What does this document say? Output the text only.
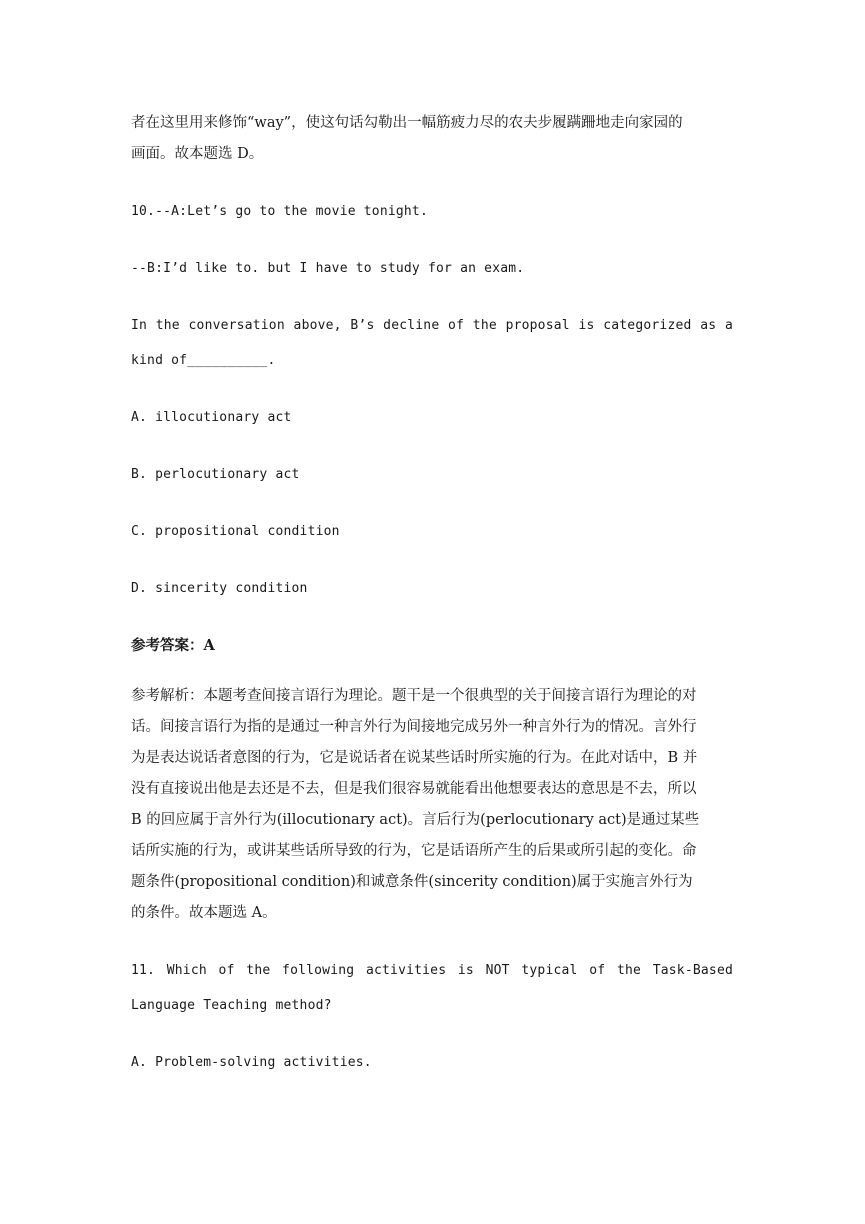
者在这里用来修饰“way”，使这句话勾勒出一幅筋疲力尽的农夫步履蹒跚地走向家园的

画面。故本题选 D。

10.--A:Let’s go to the movie tonight.

--B:I’d like to. but I have to study for an exam.

In the conversation above, B’s decline of the proposal is categorized as a

kind of__________.

A. illocutionary act

B. perlocutionary act

C. propositional condition

D. sincerity condition

参考答案：A

参考解析：本题考查间接言语行为理论。题干是一个很典型的关于间接言语行为理论的对

话。间接言语行为指的是通过一种言外行为间接地完成另外一种言外行为的情况。言外行

为是表达说话者意图的行为，它是说话者在说某些话时所实施的行为。在此对话中，B 并

没有直接说出他是去还是不去，但是我们很容易就能看出他想要表达的意思是不去，所以

B 的回应属于言外行为(illocutionary act)。言后行为(perlocutionary act)是通过某些

话所实施的行为，或讲某些话所导致的行为，它是话语所产生的后果或所引起的变化。命

题条件(propositional condition)和诚意条件(sincerity condition)属于实施言外行为

的条件。故本题选 A。

11. Which of the following activities is NOT typical of the Task-Based

Language Teaching method?

A. Problem-solving activities.
